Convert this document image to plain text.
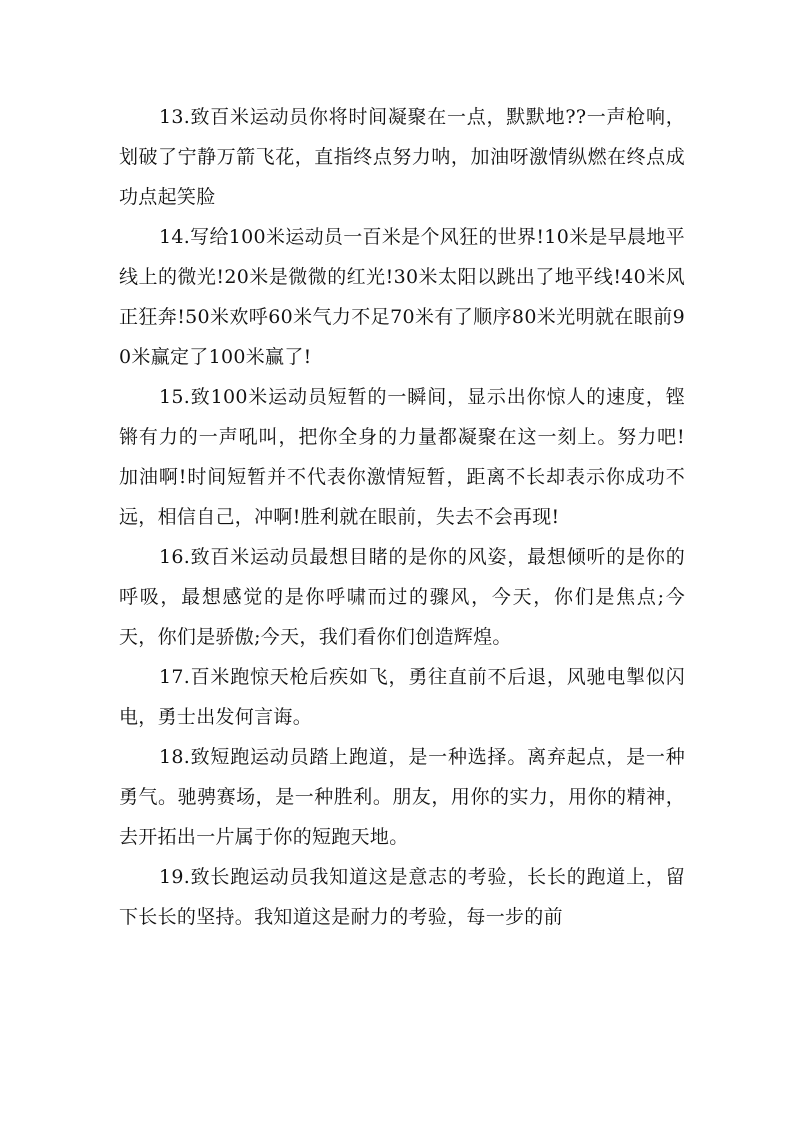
13.致百米运动员你将时间凝聚在一点，默默地??一声枪响，划破了宁静万箭飞花，直指终点努力呐，加油呀激情纵燃在终点成功点起笑脸

14.写给100米运动员一百米是个风狂的世界!10米是早晨地平线上的微光!20米是微微的红光!30米太阳以跳出了地平线!40米风正狂奔!50米欢呼60米气力不足70米有了顺序80米光明就在眼前90米赢定了100米赢了!

15.致100米运动员短暂的一瞬间，显示出你惊人的速度，铿锵有力的一声吼叫，把你全身的力量都凝聚在这一刻上。努力吧!加油啊!时间短暂并不代表你激情短暂，距离不长却表示你成功不远，相信自己，冲啊!胜利就在眼前，失去不会再现!

16.致百米运动员最想目睹的是你的风姿，最想倾听的是你的呼吸，最想感觉的是你呼啸而过的骤风，今天，你们是焦点;今天，你们是骄傲;今天，我们看你们创造辉煌。

17.百米跑惊天枪后疾如飞，勇往直前不后退，风驰电掣似闪电，勇士出发何言诲。

18.致短跑运动员踏上跑道，是一种选择。离弃起点，是一种勇气。驰骋赛场，是一种胜利。朋友，用你的实力，用你的精神，去开拓出一片属于你的短跑天地。

19.致长跑运动员我知道这是意志的考验，长长的跑道上，留下长长的坚持。我知道这是耐力的考验，每一步的前
